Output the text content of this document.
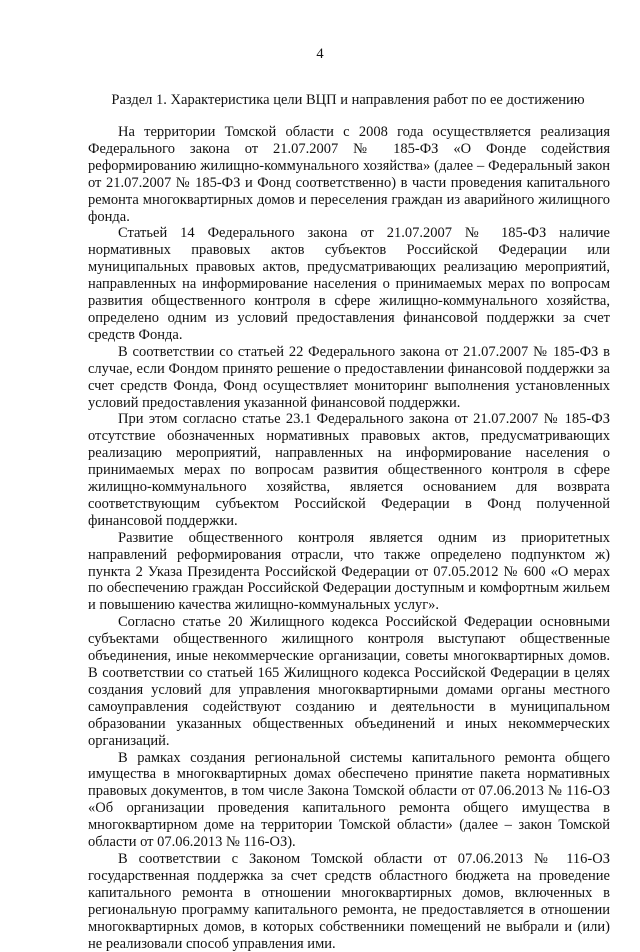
4
Раздел 1. Характеристика цели ВЦП и направления работ по ее достижению

На территории Томской области с 2008 года осуществляется реализация Федерального закона от 21.07.2007 № 185-ФЗ «О Фонде содействия реформированию жилищно-коммунального хозяйства» (далее – Федеральный закон от 21.07.2007 № 185-ФЗ и Фонд соответственно) в части проведения капитального ремонта многоквартирных домов и переселения граждан из аварийного жилищного фонда.

Статьей 14 Федерального закона от 21.07.2007 № 185-ФЗ наличие нормативных правовых актов субъектов Российской Федерации или муниципальных правовых актов, предусматривающих реализацию мероприятий, направленных на информирование населения о принимаемых мерах по вопросам развития общественного контроля в сфере жилищно-коммунального хозяйства, определено одним из условий предоставления финансовой поддержки за счет средств Фонда.

В соответствии со статьей 22 Федерального закона от 21.07.2007 № 185-ФЗ в случае, если Фондом принято решение о предоставлении финансовой поддержки за счет средств Фонда, Фонд осуществляет мониторинг выполнения установленных условий предоставления указанной финансовой поддержки.

При этом согласно статье 23.1 Федерального закона от 21.07.2007 № 185-ФЗ отсутствие обозначенных нормативных правовых актов, предусматривающих реализацию мероприятий, направленных на информирование населения о принимаемых мерах по вопросам развития общественного контроля в сфере жилищно-коммунального хозяйства, является основанием для возврата соответствующим субъектом Российской Федерации в Фонд полученной финансовой поддержки.

Развитие общественного контроля является одним из приоритетных направлений реформирования отрасли, что также определено подпунктом ж) пункта 2 Указа Президента Российской Федерации от 07.05.2012 № 600 «О мерах по обеспечению граждан Российской Федерации доступным и комфортным жильем и повышению качества жилищно-коммунальных услуг».

Согласно статье 20 Жилищного кодекса Российской Федерации основными субъектами общественного жилищного контроля выступают общественные объединения, иные некоммерческие организации, советы многоквартирных домов. В соответствии со статьей 165 Жилищного кодекса Российской Федерации в целях создания условий для управления многоквартирными домами органы местного самоуправления содействуют созданию и деятельности в муниципальном образовании указанных общественных объединений и иных некоммерческих организаций.

В рамках создания региональной системы капитального ремонта общего имущества в многоквартирных домах обеспечено принятие пакета нормативных правовых документов, в том числе Закона Томской области от 07.06.2013 № 116-ОЗ «Об организации проведения капитального ремонта общего имущества в многоквартирном доме на территории Томской области» (далее – закон Томской области от 07.06.2013 № 116-ОЗ).

В соответствии с Законом Томской области от 07.06.2013 № 116-ОЗ государственная поддержка за счет средств областного бюджета на проведение капитального ремонта в отношении многоквартирных домов, включенных в региональную программу капитального ремонта, не предоставляется в отношении многоквартирных домов, в которых собственники помещений не выбрали и (или) не реализовали способ управления ими.
